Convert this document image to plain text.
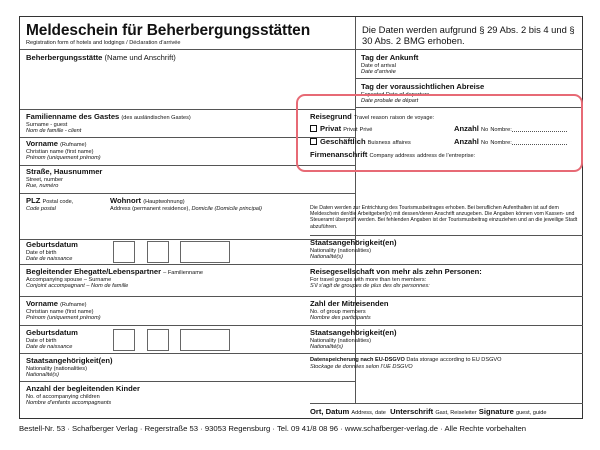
Meldeschein für Beherbergungsstätten
Registration form of hotels and lodgings / Déclaration d’arrivée
Die Daten werden aufgrund § 29 Abs. 2 bis 4 und § 30 Abs. 2 BMG erhoben.
Beherbergungsstätte (Name und Anschrift)
Familienname des Gastes (des ausländischen Gastes)
Surname - guest
Nom de famille - client
Vorname (Rufname)
Christian name (first name)
Prénom (uniquement prénom)
Straße, Hausnummer
Street, number
Rue, numéro
PLZ Postal code,
Code postal
Wohnort (Hauptwohnung)
Address (permanent residence), Domicile (Domicile principal)
Geburtsdatum
Date of birth
Date de naissance
Begleitender Ehegatte/Lebenspartner – Familienname
Accompanying spouse – Surname
Conjoint accompagnant – Nom de famille
Vorname (Rufname)
Christian name (first name)
Prénom (uniquement prénom)
Geburtsdatum
Date of birth
Date de naissance
Staatsangehörigkeit(en)
Nationality (nationalities)
Nationalité(s)
Anzahl der begleitenden Kinder
No. of accompanying children
Nombre d’enfants accompagnants
Tag der Ankunft
Date of arrival
Date d’arrivée
Tag der voraussichtlichen Abreise
Expected Date of departure
Date probale de départ
Reisegrund Travel reason raison de voyage:
Privat Privat Privé	Anzahl No Nombre:
Geschäftlich Buisness affaires	Anzahl No Nombre:
Firmenanschrift Company address address de l’entreprise:
Die Daten werden zur Entrichtung des Tourismusbeitrages erhoben. Bei beruflichen Aufenthalten ist auf dem Meldeschein der/die Arbeitgeber(in) mit dessen/deren Anschrift anzugeben. Die Angaben können vom Kassen- und Steueramt überprüft werden. Bei fehlenden Angaben ist der Tourismusbeitrag einzuziehen und an die jeweilige Stadt abzuführen.
Staatsangehörigkeit(en)
Nationality (nationalities)
Nationalité(s)
Reisegesellschaft von mehr als zehn Personen:
For travel groups with more than ten members:
S’il s’agit de groupes de plus des dix personnes:
Zahl der Mitreisenden
No. of group members
Nombre des participants
Staatsangehörigkeit(en)
Nationality (nationalities)
Nationalité(s)
Datenspeicherung nach EU-DSGVO Data storage according to EU DSGVO
Stockage de données selon l’UE DSGVO
Ort, Datum Address, date Unterschrift Gast, Reiseleiter Signature guest, guide
Bestell-Nr. 53 · Schafberger Verlag · Regerstraße 53 · 93053 Regensburg · Tel. 09 41/8 08 96 · www.schafberger-verlag.de · Alle Rechte vorbehalten
